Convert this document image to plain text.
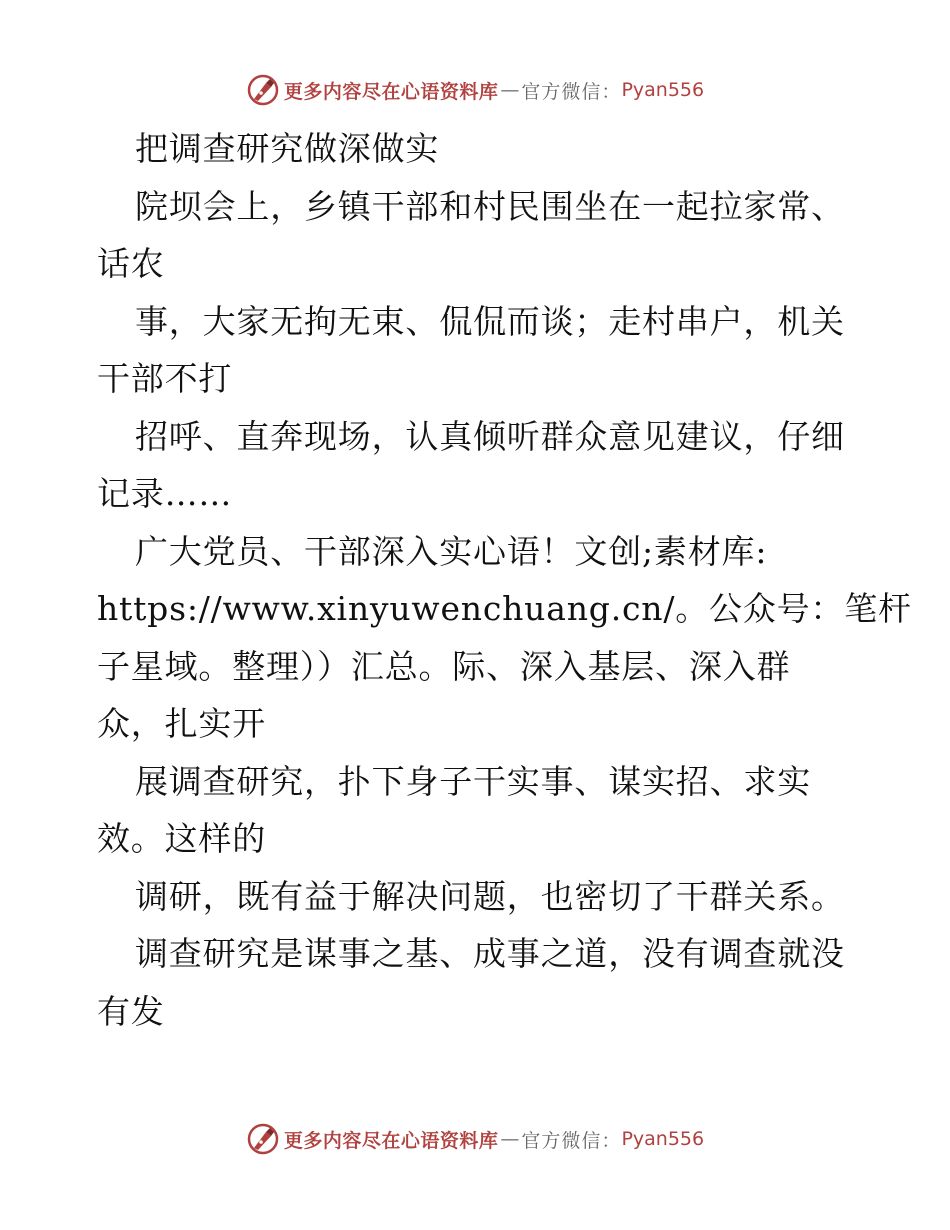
更多内容尽在心语资料库 — 官方微信： Pyan556
把调查研究做深做实
院坝会上，乡镇干部和村民围坐在一起拉家常、
话农
事，大家无拘无束、侃侃而谈；走村串户，机关
干部不打
招呼、直奔现场，认真倾听群众意见建议，仔细
记录……
广大党员、干部深入实心语！文创;素材库:
https://www.xinyuwenchuang.cn/。公众号：笔杆
子星域。整理））汇总。际、深入基层、深入群
众，扎实开
展调查研究，扑下身子干实事、谋实招、求实
效。这样的
调研，既有益于解决问题，也密切了干群关系。
调查研究是谋事之基、成事之道，没有调查就没
有发
更多内容尽在心语资料库 — 官方微信： Pyan556
